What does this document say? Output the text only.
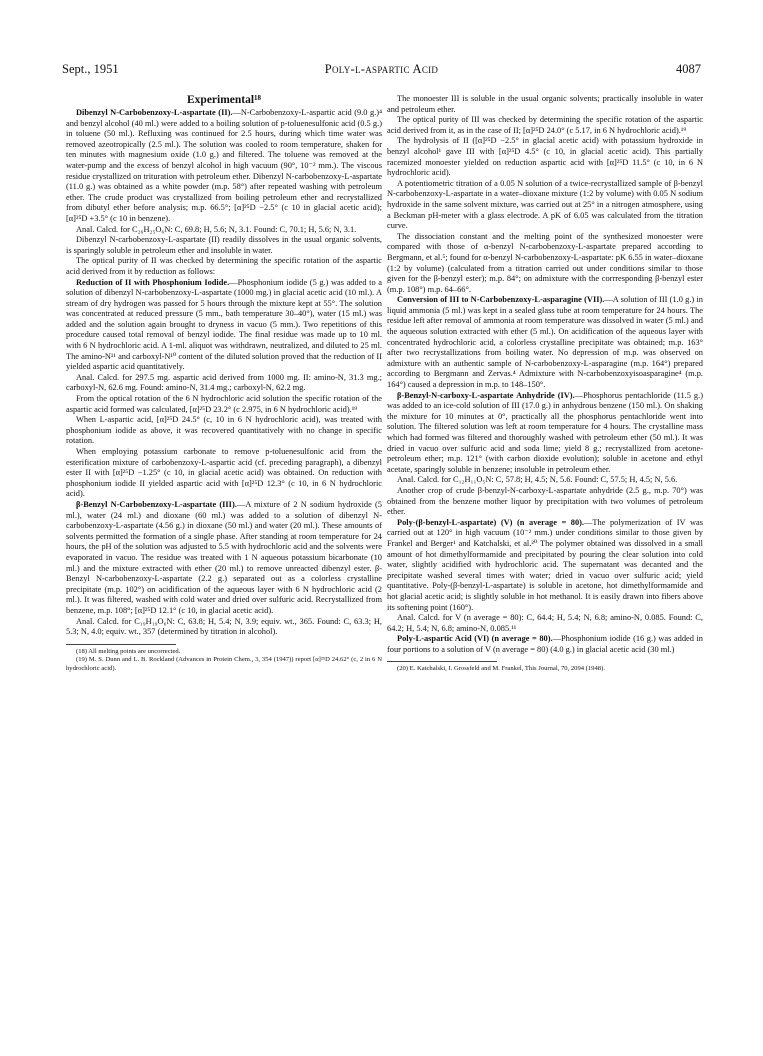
Sept., 1951	Poly-l-aspartic Acid	4087
Experimental¹⁸

Dibenzyl N-Carbobenzoxy-L-aspartate (II).—N-Carbobenzoxy-L-aspartic acid (9.0 g.)⁴ and benzyl alcohol (40 ml.) were added to a boiling solution of p-toluenesulfonic acid (0.5 g.) in toluene (50 ml.). Refluxing was continued for 2.5 hours, during which time water was removed azeotropically (2.5 ml.). The solution was cooled to room temperature, shaken for ten minutes with magnesium oxide (1.0 g.) and filtered. The toluene was removed at the water-pump and the excess of benzyl alcohol in high vacuum (90°, 10⁻² mm.). The viscous residue crystallized on trituration with petroleum ether. Dibenzyl N-carbobenzoxy-L-aspartate (11.0 g.) was obtained as a white powder (m.p. 58°) after repeated washing with petroleum ether. The crude product was crystallized from boiling petroleum ether and recrystallized from dibutyl ether before analysis; m.p. 66.5°; [α]²⁵D −2.5° (c 10 in glacial acetic acid); [α]²⁵D +3.5° (c 10 in benzene).

Anal. Calcd. for C₂₆H₂₅O₆N: C, 69.8; H, 5.6; N, 3.1. Found: C, 70.1; H, 5.6; N, 3.1.

Dibenzyl N-carbobenzoxy-L-aspartate (II) readily dissolves in the usual organic solvents, is sparingly soluble in petroleum ether and insoluble in water.

The optical purity of II was checked by determining the specific rotation of the aspartic acid derived from it by reduction as follows:

Reduction of II with Phosphonium Iodide.—Phosphonium iodide (5 g.) was added to a solution of dibenzyl N-carbobenzoxy-L-aspartate (1000 mg.) in glacial acetic acid (10 ml.). A stream of dry hydrogen was passed for 5 hours through the mixture kept at 55°. The solution was concentrated at reduced pressure (5 mm., bath temperature 30–40°), water (15 ml.) was added and the solution again brought to dryness in vacuo (5 mm.). Two repetitions of this procedure caused total removal of benzyl iodide. The final residue was made up to 10 ml. with 6 N hydrochloric acid. A 1-ml. aliquot was withdrawn, neutralized, and diluted to 25 ml. The amino-N¹¹ and carboxyl-N¹⁰ content of the diluted solution proved that the reduction of II yielded aspartic acid quantitatively.

Anal. Calcd. for 297.5 mg. aspartic acid derived from 1000 mg. II: amino-N, 31.3 mg.; carboxyl-N, 62.6 mg. Found: amino-N, 31.4 mg.; carboxyl-N, 62.2 mg.

From the optical rotation of the 6 N hydrochloric acid solution the specific rotation of the aspartic acid formed was calculated, [α]²⁵D 23.2° (c 2.975, in 6 N hydrochloric acid).¹⁹

When L-aspartic acid, [α]²⁵D 24.5° (c, 10 in 6 N hydrochloric acid), was treated with phosphonium iodide as above, it was recovered quantitatively with no change in specific rotation.

When employing potassium carbonate to remove p-toluenesulfonic acid from the esterification mixture of carbobenzoxy-L-aspartic acid (cf. preceding paragraph), a dibenzyl ester II with [α]²⁵D −1.25° (c 10, in glacial acetic acid) was obtained. On reduction with phosphonium iodide II yielded aspartic acid with [α]²⁵D 12.3° (c 10, in 6 N hydrochloric acid).

β-Benzyl N-Carbobenzoxy-L-aspartate (III).—A mixture of 2 N sodium hydroxide (5 ml.), water (24 ml.) and dioxane (60 ml.) was added to a solution of dibenzyl N-carbobenzoxy-L-aspartate (4.56 g.) in dioxane (50 ml.) and water (20 ml.). These amounts of solvents permitted the formation of a single phase. After standing at room temperature for 24 hours, the pH of the solution was adjusted to 5.5 with hydrochloric acid and the solvents were evaporated in vacuo. The residue was treated with 1 N aqueous potassium bicarbonate (10 ml.) and the mixture extracted with ether (20 ml.) to remove unreacted dibenzyl ester. β-Benzyl N-carbobenzoxy-L-aspartate (2.2 g.) separated out as a colorless crystalline precipitate (m.p. 102°) on acidification of the aqueous layer with 6 N hydrochloric acid (2 ml.). It was filtered, washed with cold water and dried over sulfuric acid. Recrystallized from benzene, m.p. 108°; [α]²⁵D 12.1° (c 10, in glacial acetic acid).

Anal. Calcd. for C₁₉H₁₉O₆N: C, 63.8; H, 5.4; N, 3.9; equiv. wt., 365. Found: C, 63.3; H, 5.3; N, 4.0; equiv. wt., 357 (determined by titration in alcohol).

(18) All melting points are uncorrected.

(19) M. S. Dunn and L. B. Rockland (Advances in Protein Chem., 3, 354 (1947)) report [α]²⁵D 24.62° (c, 2 in 6 N hydrochloric acid).

The monoester III is soluble in the usual organic solvents; practically insoluble in water and petroleum ether.

The optical purity of III was checked by determining the specific rotation of the aspartic acid derived from it, as in the case of II; [α]²⁵D 24.0° (c 5.17, in 6 N hydrochloric acid).¹⁹

The hydrolysis of II ([α]²⁵D −2.5° in glacial acetic acid) with potassium hydroxide in benzyl alcohol¹ gave III with [α]²⁵D 4.5° (c 10, in glacial acetic acid). This partially racemized monoester yielded on reduction aspartic acid with [α]²⁵D 11.5° (c 10, in 6 N hydrochloric acid).

A potentiometric titration of a 0.05 N solution of a twice-recrystallized sample of β-benzyl N-carbobenzoxy-L-aspartate in a water–dioxane mixture (1:2 by volume) with 0.05 N sodium hydroxide in the same solvent mixture, was carried out at 25° in a nitrogen atmosphere, using a Beckman pH-meter with a glass electrode. A pK of 6.05 was calculated from the titration curve.

The dissociation constant and the melting point of the synthesized monoester were compared with those of α-benzyl N-carbobenzoxy-L-aspartate prepared according to Bergmann, et al.⁵; found for α-benzyl N-carbobenzoxy-L-aspartate: pK 6.55 in water–dioxane (1:2 by volume) (calculated from a titration carried out under conditions similar to those given for the β-benzyl ester); m.p. 84°; on admixture with the corrresponding β-benzyl ester (m.p. 108°) m.p. 64–66°.

Conversion of III to N-Carbobenzoxy-L-asparagine (VII).—A solution of III (1.0 g.) in liquid ammonia (5 ml.) was kept in a sealed glass tube at room temperature for 24 hours. The residue left after removal of ammonia at room temperature was dissolved in water (5 ml.) and the aqueous solution extracted with ether (5 ml.). On acidification of the aqueous layer with concentrated hydrochloric acid, a colorless crystalline precipitate was obtained; m.p. 163° after two recrystallizations from boiling water. No depression of m.p. was observed on admixture with an authentic sample of N-carbobenzoxy-L-asparagine (m.p. 164°) prepared according to Bergmann and Zervas.⁴ Admixture with N-carbobenzoxyisoasparagine⁴ (m.p. 164°) caused a depression in m.p. to 148–150°.

β-Benzyl-N-carboxy-L-aspartate Anhydride (IV).—Phosphorus pentachloride (11.5 g.) was added to an ice-cold solution of III (17.0 g.) in anhydrous benzene (150 ml.). On shaking the mixture for 10 minutes at 0°, practically all the phosphorus pentachloride went into solution. The filtered solution was left at room temperature for 4 hours. The crystalline mass which had formed was filtered and thoroughly washed with petroleum ether (50 ml.). It was dried in vacuo over sulfuric acid and soda lime; yield 8 g.; recrystallized from acetone-petroleum ether; m.p. 121° (with carbon dioxide evolution); soluble in acetone and ethyl acetate, sparingly soluble in benzene; insoluble in petroleum ether.

Anal. Calcd. for C₁₂H₁₁O₅N: C, 57.8; H, 4.5; N, 5.6. Found: C, 57.5; H, 4.5; N, 5.6.

Another crop of crude β-benzyl-N-carboxy-L-aspartate anhydride (2.5 g., m.p. 70°) was obtained from the benzene mother liquor by precipitation with two volumes of petroleum ether.

Poly-(β-benzyl-L-aspartate) (V) (n average = 80).—The polymerization of IV was carried out at 120° in high vacuum (10⁻² mm.) under conditions similar to those given by Frankel and Berger¹ and Katchalski, et al.²⁰ The polymer obtained was dissolved in a small amount of hot dimethylformamide and precipitated by pouring the clear solution into cold water, slightly acidified with hydrochloric acid. The supernatant was decanted and the precipitate washed several times with water; dried in vacuo over sulfuric acid; yield quantitative. Poly-(β-benzyl-L-aspartate) is soluble in acetone, hot dimethylformamide and hot glacial acetic acid; is slightly soluble in hot methanol. It is easily drawn into fibers above its softening point (160°).

Anal. Calcd. for V (n average = 80): C, 64.4; H, 5.4; N, 6.8; amino-N, 0.085. Found: C, 64.2; H, 5.4; N, 6.8; amino-N, 0.085.¹¹

Poly-L-aspartic Acid (VI) (n average = 80).—Phosphonium iodide (16 g.) was added in four portions to a solution of V (n average = 80) (4.0 g.) in glacial acetic acid (30 ml.)

(20) E. Katchalski, I. Grossfeld and M. Frankel, This Journal, 70, 2094 (1948).
